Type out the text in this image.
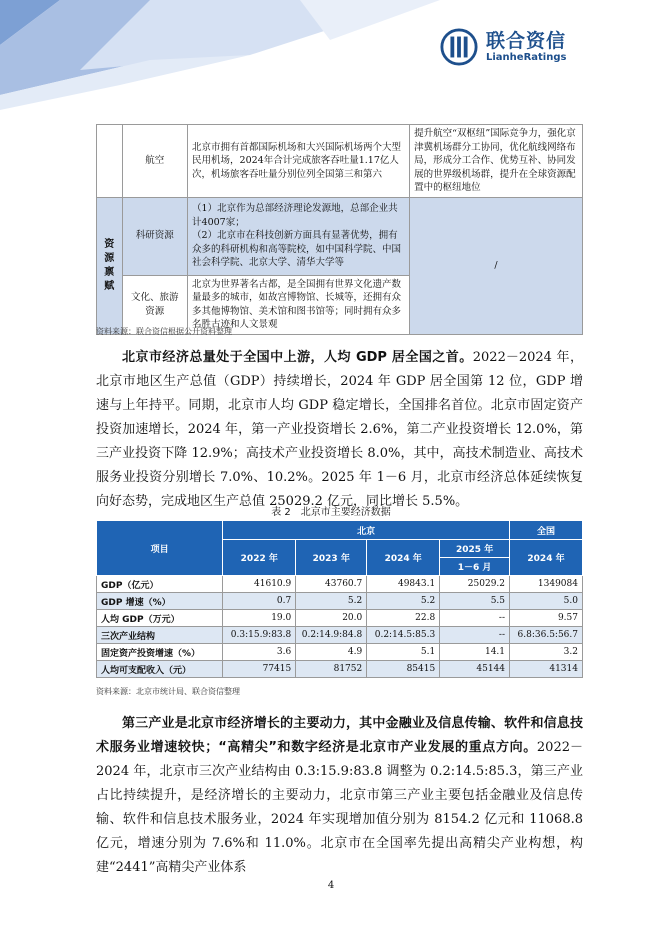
联合资信
LianheRatings
	航空	北京市拥有首都国际机场和大兴国际机场两个大型民用机场，2024年合计完成旅客吞吐量1.17亿人次，机场旅客吞吐量分别位列全国第三和第六	提升航空“双枢纽”国际竞争力，强化京津冀机场群分工协同，优化航线网络布局，形成分工合作、优势互补、协同发展的世界级机场群，提升在全球资源配置中的枢纽地位
资源禀赋	科研资源	（1）北京作为总部经济理论发源地，总部企业共计4007家；
（2）北京市在科技创新方面具有显著优势，拥有众多的科研机构和高等院校，如中国科学院、中国社会科学院、北京大学、清华大学等	/
	文化、旅游资源	北京为世界著名古都，是全国拥有世界文化遗产数量最多的城市，如故宫博物馆、长城等，还拥有众多其他博物馆、美术馆和图书馆等；同时拥有众多名胜古迹和人文景观	
资料来源：联合资信根据公开资料整理

北京市经济总量处于全国中上游，人均 GDP 居全国之首。2022－2024 年，北京市地区生产总值（GDP）持续增长，2024 年 GDP 居全国第 12 位，GDP 增速与上年持平。同期，北京市人均 GDP 稳定增长，全国排名首位。北京市固定资产投资加速增长，2024 年，第一产业投资增长 2.6%，第二产业投资增长 12.0%，第三产业投资下降 12.9%；高技术产业投资增长 8.0%，其中，高技术制造业、高技术服务业投资分别增长 7.0%、10.2%。2025 年 1－6 月，北京市经济总体延续恢复向好态势，完成地区生产总值 25029.2 亿元，同比增长 5.5%。

表 2　北京市主要经济数据
项目	北京				全国
	2022 年	2023 年	2024 年	2025 年	2024 年
				1－6 月	
GDP（亿元）	41610.9	43760.7	49843.1	25029.2	1349084
GDP 增速（%）	0.7	5.2	5.2	5.5	5.0
人均 GDP（万元）	19.0	20.0	22.8	--	9.57
三次产业结构	0.3:15.9:83.8	0.2:14.9:84.8	0.2:14.5:85.3	--	6.8:36.5:56.7
固定资产投资增速（%）	3.6	4.9	5.1	14.1	3.2
人均可支配收入（元）	77415	81752	85415	45144	41314
资料来源：北京市统计局、联合资信整理

第三产业是北京市经济增长的主要动力，其中金融业及信息传输、软件和信息技术服务业增速较快；“高精尖”和数字经济是北京市产业发展的重点方向。2022－2024 年，北京市三次产业结构由 0.3:15.9:83.8 调整为 0.2:14.5:85.3，第三产业占比持续提升，是经济增长的主要动力，北京市第三产业主要包括金融业及信息传输、软件和信息技术服务业，2024 年实现增加值分别为 8154.2 亿元和 11068.8 亿元，增速分别为 7.6%和 11.0%。北京市在全国率先提出高精尖产业构想，构建“2441”高精尖产业体系

4
